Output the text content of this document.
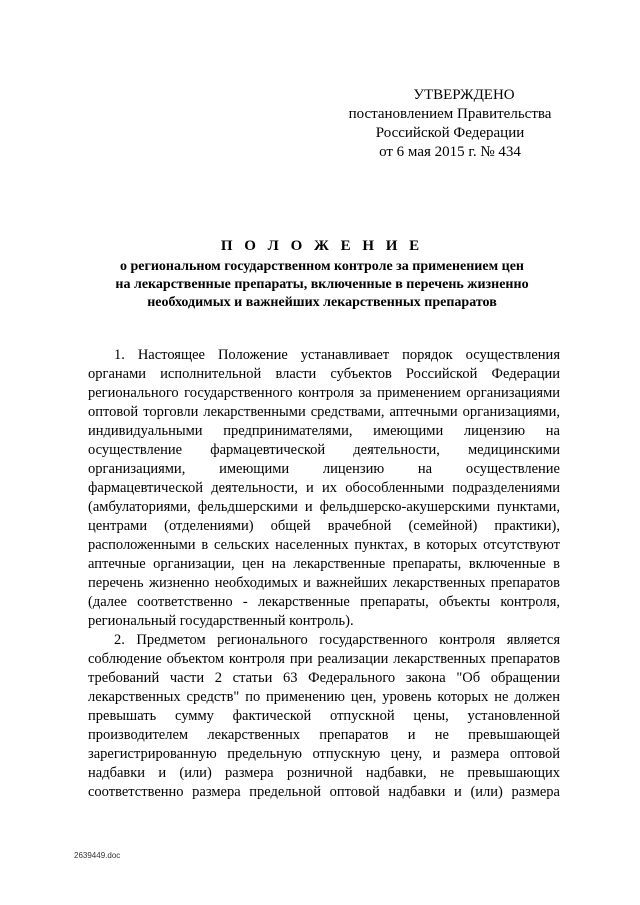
УТВЕРЖДЕНО
постановлением Правительства
Российской Федерации
от 6 мая 2015 г. № 434
П О Л О Ж Е Н И Е
о региональном государственном контроле за применением цен
на лекарственные препараты, включенные в перечень жизненно
необходимых и важнейших лекарственных препаратов
1. Настоящее Положение устанавливает порядок осуществления
органами исполнительной власти субъектов Российской Федерации
регионального государственного контроля за применением организациями
оптовой торговли лекарственными средствами, аптечными организациями,
индивидуальными предпринимателями, имеющими лицензию на
осуществление фармацевтической деятельности, медицинскими
организациями, имеющими лицензию на осуществление
фармацевтической деятельности, и их обособленными подразделениями
(амбулаториями, фельдшерскими и фельдшерско-акушерскими пунктами,
центрами (отделениями) общей врачебной (семейной) практики),
расположенными в сельских населенных пунктах, в которых отсутствуют
аптечные организации, цен на лекарственные препараты, включенные в
перечень жизненно необходимых и важнейших лекарственных препаратов
(далее соответственно - лекарственные препараты, объекты контроля,
региональный государственный контроль).
2. Предметом регионального государственного контроля является
соблюдение объектом контроля при реализации лекарственных препаратов
требований части 2 статьи 63 Федерального закона "Об обращении
лекарственных средств" по применению цен, уровень которых не должен
превышать сумму фактической отпускной цены, установленной
производителем лекарственных препаратов и не превышающей
зарегистрированную предельную отпускную цену, и размера оптовой
надбавки и (или) размера розничной надбавки, не превышающих
соответственно размера предельной оптовой надбавки и (или) размера
2639449.doc
